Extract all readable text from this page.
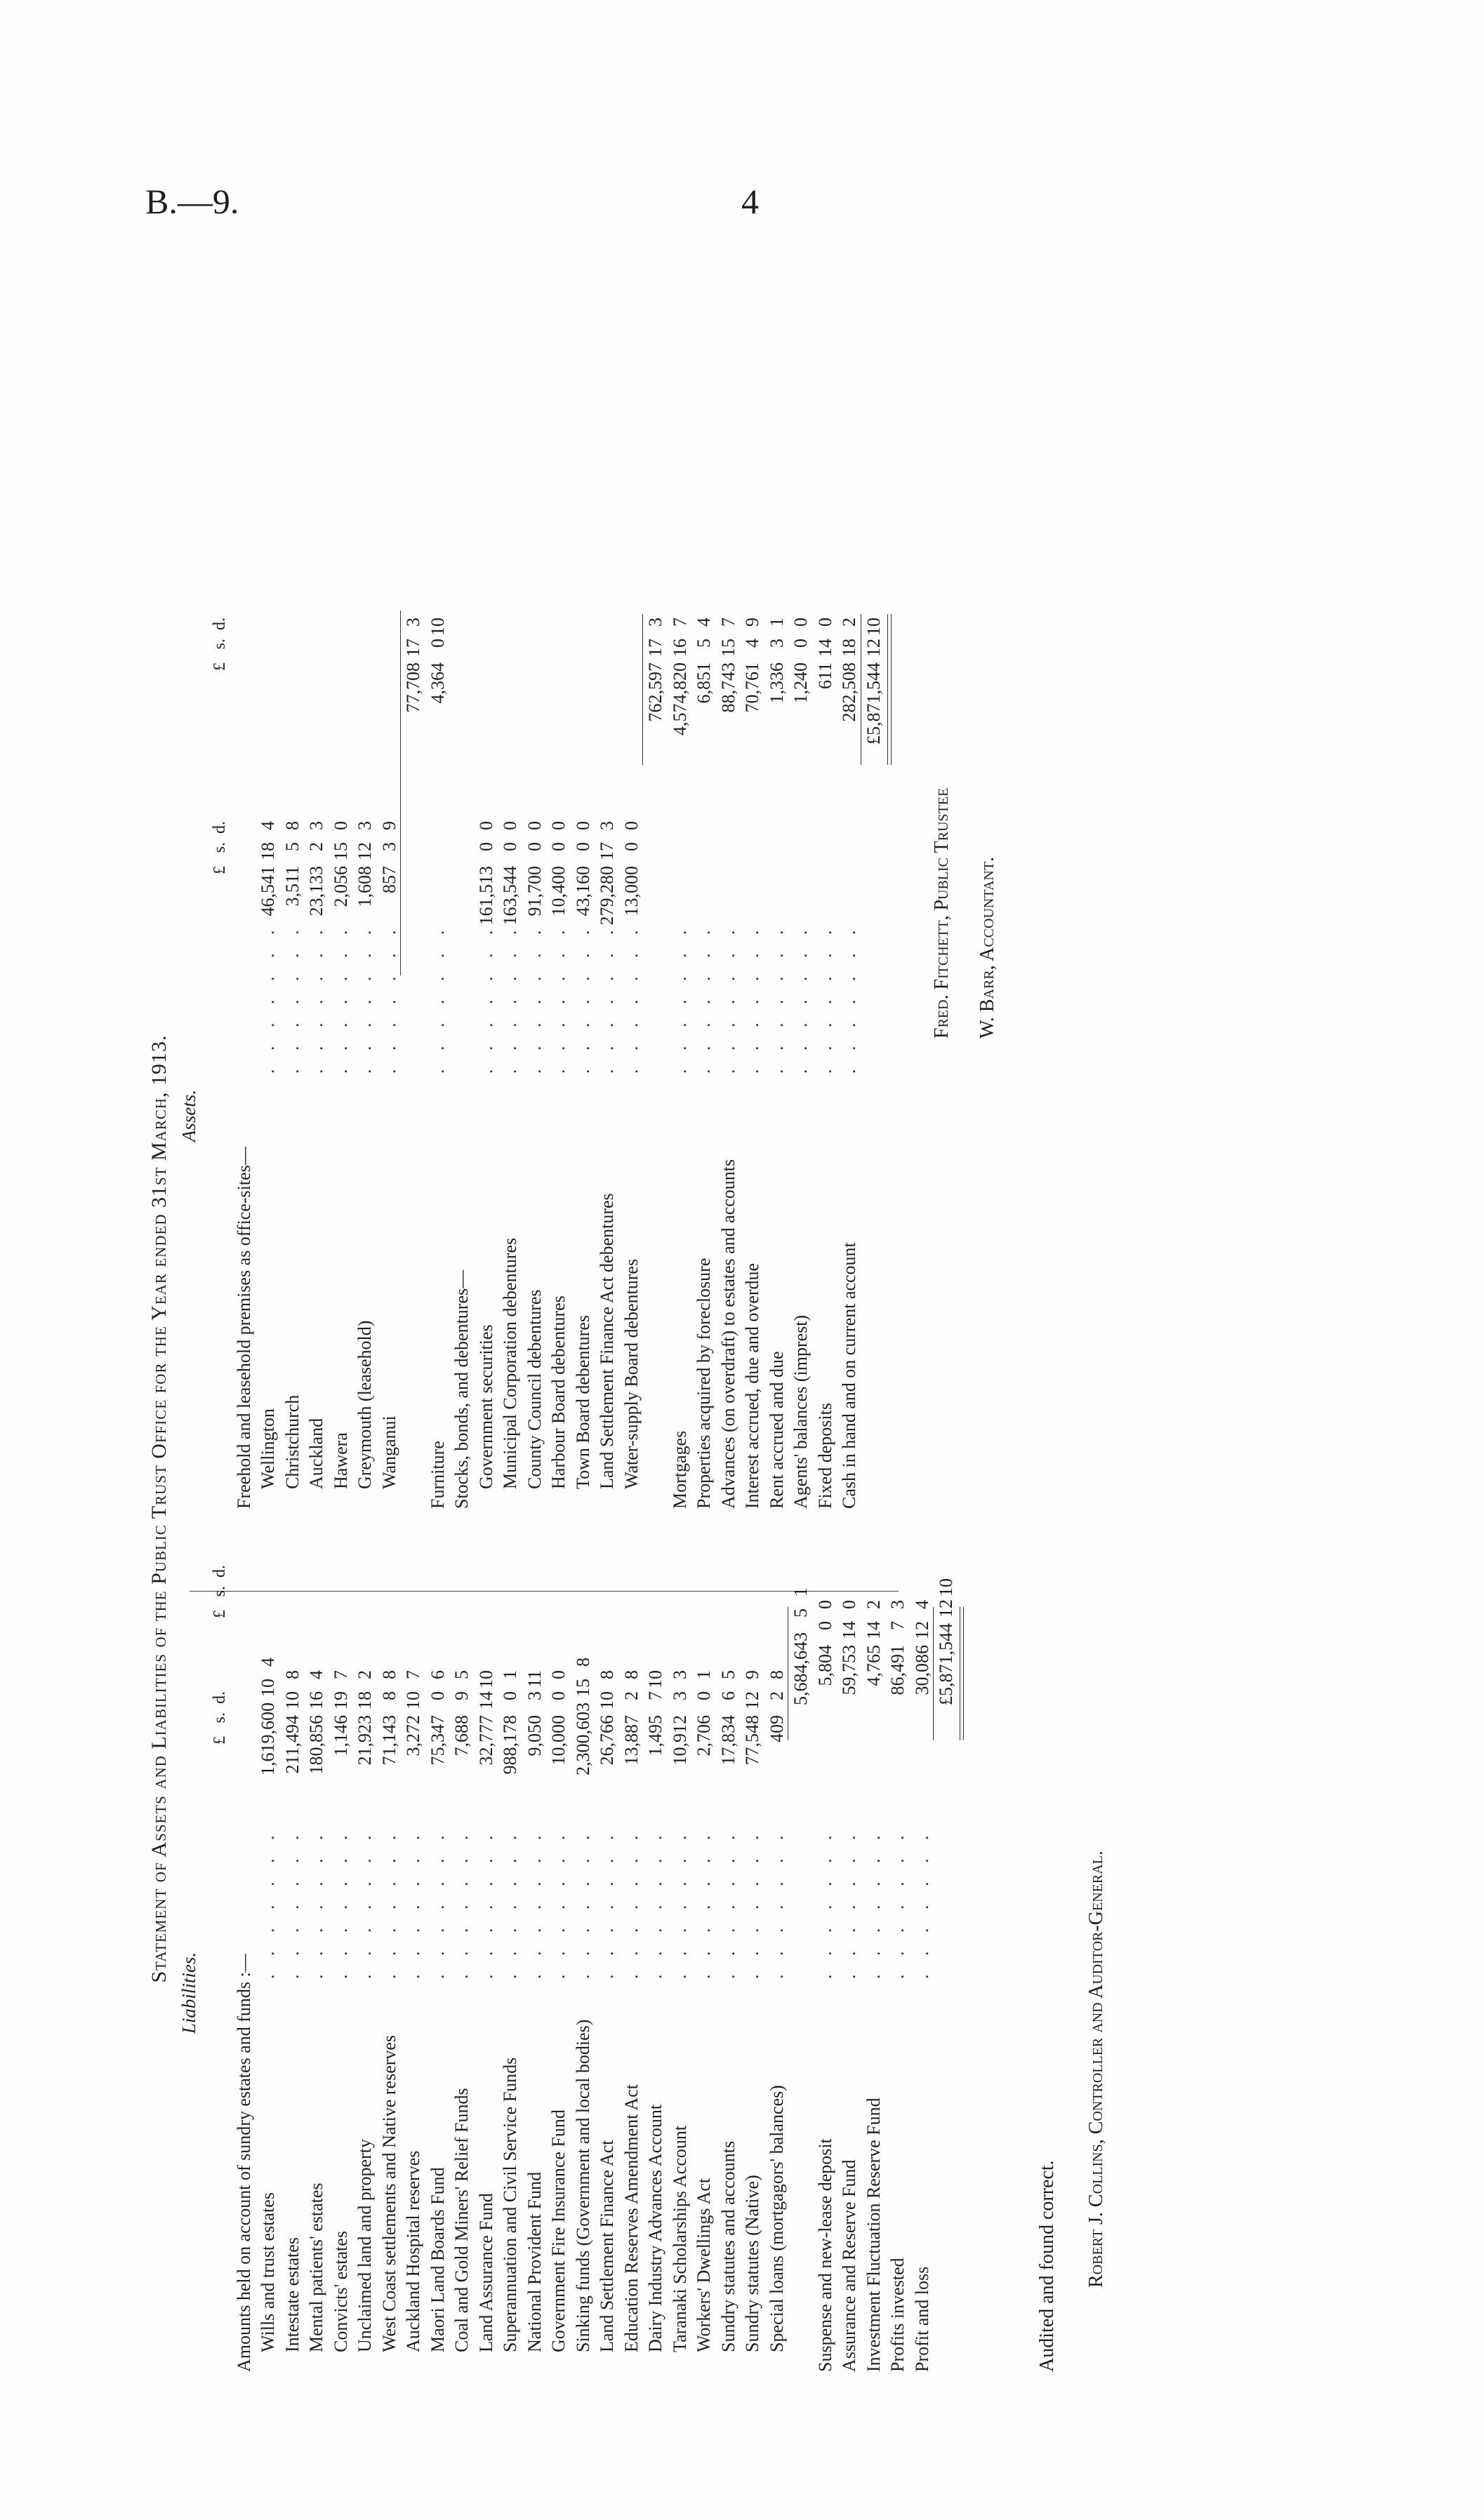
B.—9.	4
Statement of Assets and Liabilities of the Public Trust Office for the Year ended 31st March, 1913.
Liabilities.
Assets.
£s.d.
£s.d.
Amounts held on account of sundry estates and funds :— Wills and trust estates
1,619,600104
. . . . . . .
Intestate estates
211,494108
. . . . . . .
Mental patients' estates
180,856164
. . . . . . .
Convicts' estates
1,146197
. . . . . . .
Unclaimed land and property
21,923182
. . . . . . .
West Coast settlements and Native reserves
71,14388
. . . . . . .
Auckland Hospital reserves
3,272107
. . . . . . .
Maori Land Boards Fund
75,34706
. . . . . . .
Coal and Gold Miners' Relief Funds
7,68895
. . . . . . .
Land Assurance Fund
32,7771410
. . . . . . .
Superannuation and Civil Service Funds
988,17801
. . . . . . .
National Provident Fund
9,050311
. . . . . . .
Government Fire Insurance Fund
10,00000
. . . . . . .
Sinking funds (Government and local bodies)
2,300,603158
. . . . . . .
Land Settlement Finance Act
26,766108
. . . . . . .
Education Reserves Amendment Act
13,88728
. . . . . . .
Dairy Industry Advances Account
1,495710
. . . . . . .
Taranaki Scholarships Account
10,91233
. . . . . . .
Workers' Dwellings Act
2,70601
. . . . . . .
Sundry statutes and accounts
17,83465
. . . . . . .
Sundry statutes (Native)
77,548129
. . . . . . .
Special loans (mortgagors' balances)
40928
. . . . . . .
5,684,64351
Suspense and new-lease deposit
5,80400
. . . . . . .
Assurance and Reserve Fund
59,753140
. . . . . . .
Investment Fluctuation Reserve Fund
4,765142
. . . . . . .
Profits invested
86,49173
. . . . . . .
Profit and loss
30,086124
. . . . . . .
£5,871,5441210
£s.d.
£s.d.
Freehold and leasehold premises as office-sites— Wellington
46,541184
. . . . . . .
Christchurch
3,51158
. . . . . . .
Auckland
23,13323
. . . . . . .
Hawera
2,056150
. . . . . . .
Greymouth (leasehold)
1,608123
. . . . . . .
Wanganui
85739
. . . . . . .
77,708173
Furniture
4,364010
. . . . . . .
Stocks, bonds, and debentures— Government securities
161,51300
. . . . . . .
Municipal Corporation debentures
163,54400
. . . . . . .
County Council debentures
91,70000
. . . . . . .
Harbour Board debentures
10,40000
. . . . . . .
Town Board debentures
43,16000
. . . . . . .
Land Settlement Finance Act debentures
279,280173
. . . . . . .
Water-supply Board debentures
13,00000
. . . . . . .
762,597173
Mortgages
4,574,820167
. . . . . . .
Properties acquired by foreclosure
6,85154
. . . . . . .
Advances (on overdraft) to estates and accounts
88,743157
. . . . . . .
Interest accrued, due and overdue
70,76149
. . . . . . .
Rent accrued and due
1,33631
. . . . . . .
Agents' balances (imprest)
1,24000
. . . . . . .
Fixed deposits
611140
. . . . . . .
Cash in hand and on current account
282,508182
. . . . . . .
£5,871,5441210
Audited and found correct. Robert J. Collins, Controller and Auditor-General.
Fred. Fitchett, Public Trustee W. Barr, Accountant.
